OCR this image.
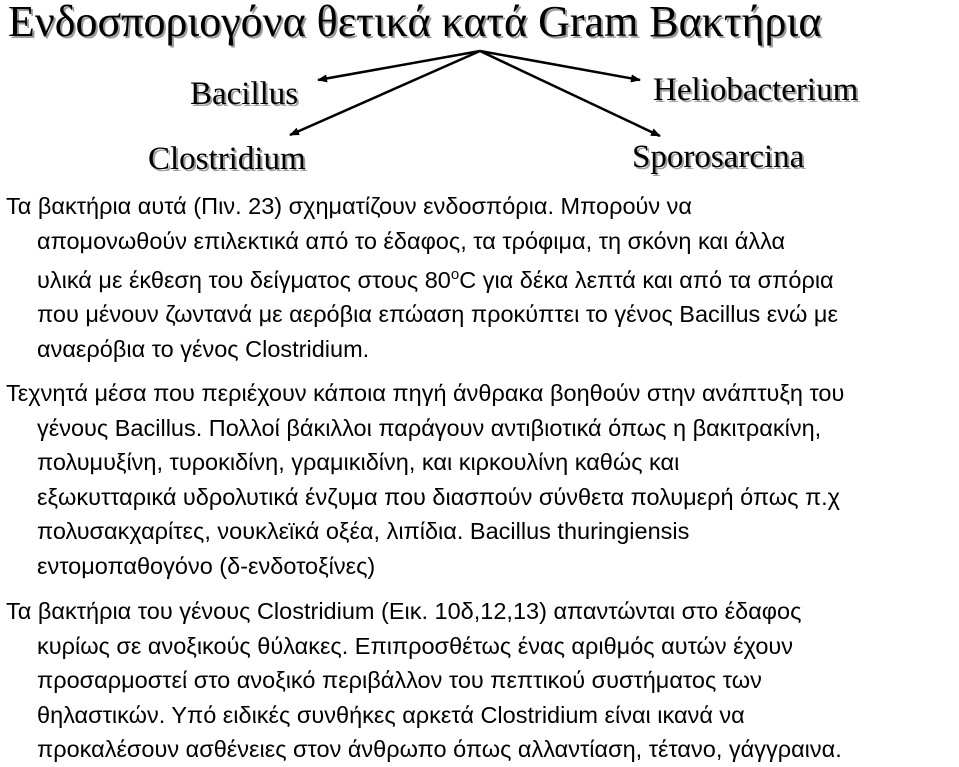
Ενδοσποριογόνα θετικά κατά Gram Βακτήρια
Bacillus	Heliobacterium
Clostridium	Sporosarcina
Τα βακτήρια αυτά (Πιν. 23) σχηματίζουν ενδοσπόρια. Μπορούν να
απομονωθούν επιλεκτικά από το έδαφος, τα τρόφιμα, τη σκόνη και άλλα
υλικά με έκθεση του δείγματος στους 80$^o$C για δέκα λεπτά και από τα σπόρια
που μένουν ζωντανά με αερόβια επώαση προκύπτει το γένος Bacillus ενώ με
αναερόβια το γένος Clostridium.
Τεχνητά μέσα που περιέχουν κάποια πηγή άνθρακα βοηθούν στην ανάπτυξη του
γένους Bacillus. Πολλοί βάκιλλοι παράγουν αντιβιοτικά όπως η βακιτρακίνη,
πολυμυξίνη, τυροκιδίνη, γραμικιδίνη, και κιρκουλίνη καθώς και
εξωκυτταρικά υδρολυτικά ένζυμα που διασπούν σύνθετα πολυμερή όπως π.χ
πολυσακχαρίτες, νουκλεϊκά οξέα, λιπίδια. Bacillus thuringiensis
εντομοπαθογόνο (δ-ενδοτοξίνες)
Τα βακτήρια του γένους Clostridium (Εικ. 10δ,12,13) απαντώνται στο έδαφος
κυρίως σε ανοξικούς θύλακες. Επιπροσθέτως ένας αριθμός αυτών έχουν
προσαρμοστεί στο ανοξικό περιβάλλον του πεπτικού συστήματος των
θηλαστικών. Υπό ειδικές συνθήκες αρκετά Clostridium είναι ικανά να
προκαλέσουν ασθένειες στον άνθρωπο όπως αλλαντίαση, τέτανο, γάγγραινα.
